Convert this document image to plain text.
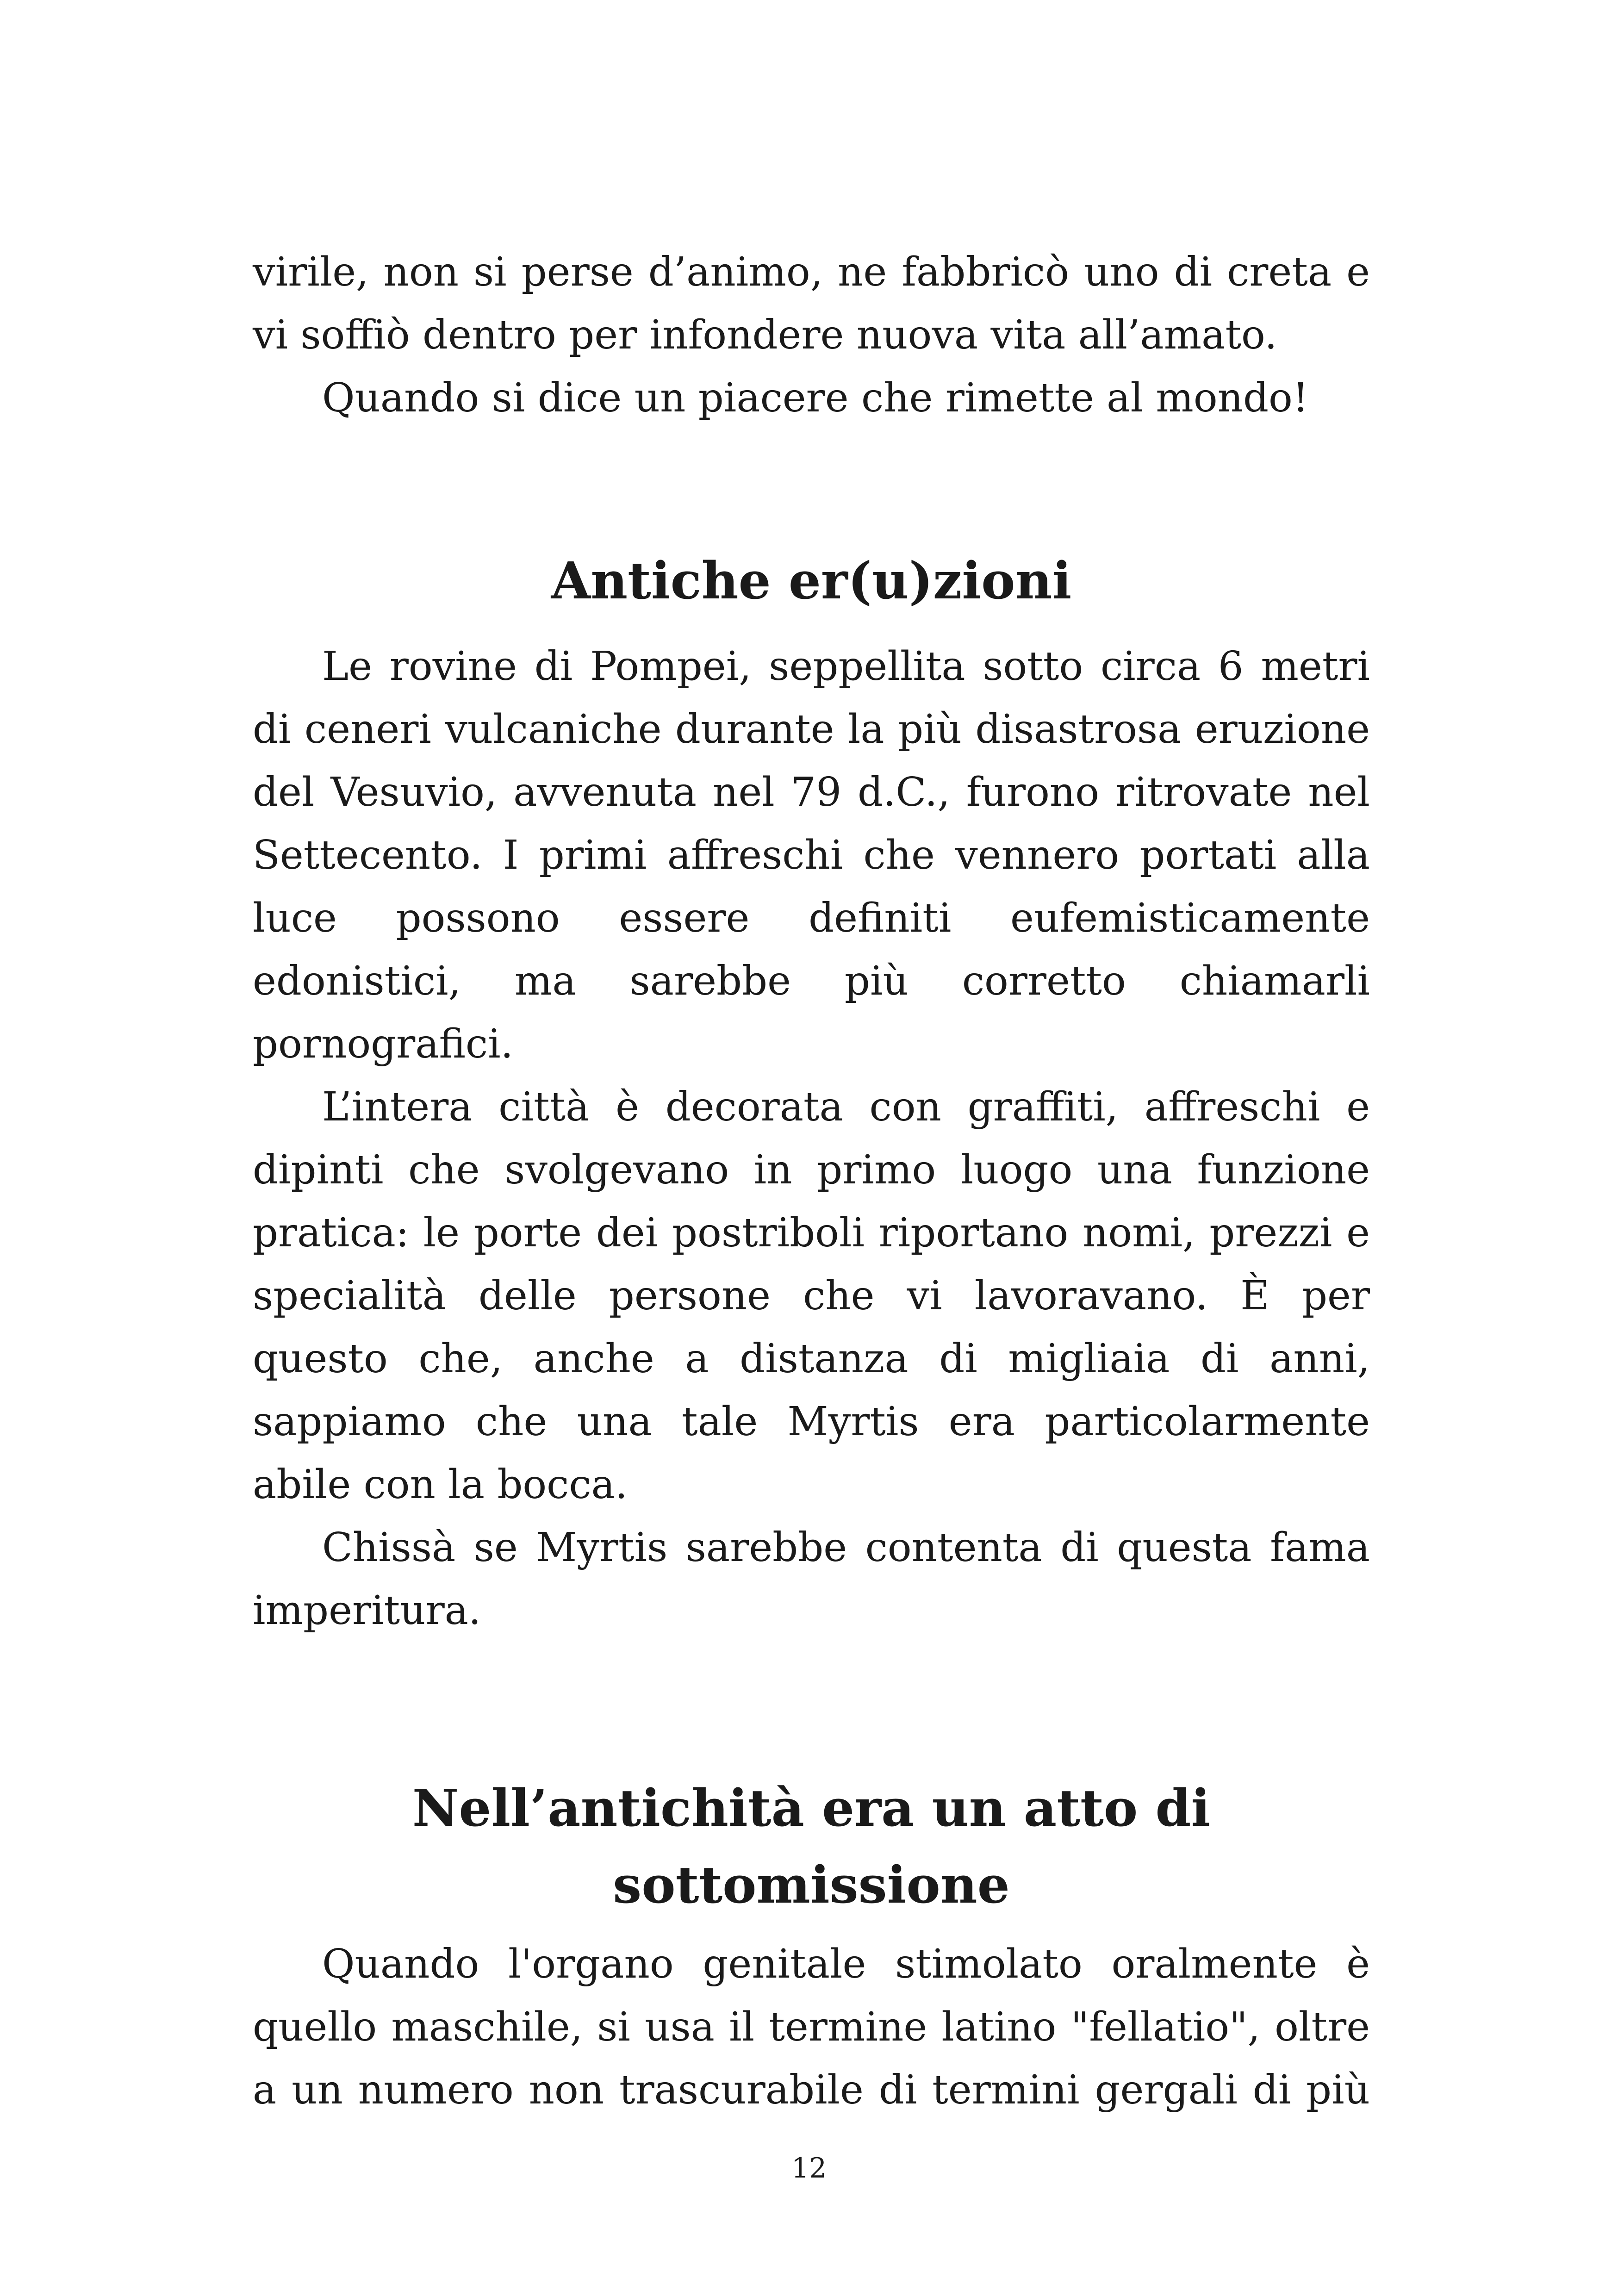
virile, non si perse d’animo, ne fabbricò uno di creta e vi soffiò dentro per infondere nuova vita all’amato.

Quando si dice un piacere che rimette al mondo!

Antiche er(u)zioni

Le rovine di Pompei, seppellita sotto circa 6 metri di ceneri vulcaniche durante la più disastrosa eruzione del Vesuvio, avvenuta nel 79 d.C., furono ritrovate nel Settecento. I primi affreschi che vennero portati alla luce possono essere definiti eufemisticamente edonistici, ma sarebbe più corretto chiamarli pornografici.

L’intera città è decorata con graffiti, affreschi e dipinti che svolgevano in primo luogo una funzione pratica: le porte dei postriboli riportano nomi, prezzi e specialità delle persone che vi lavoravano. È per questo che, anche a distanza di migliaia di anni, sappiamo che una tale Myrtis era particolarmente abile con la bocca.

Chissà se Myrtis sarebbe contenta di questa fama imperitura.

Nell’antichità era un atto di
sottomissione

Quando l'organo genitale stimolato oralmente è quello maschile, si usa il termine latino "fellatio", oltre a un numero non trascurabile di termini gergali di più

12
